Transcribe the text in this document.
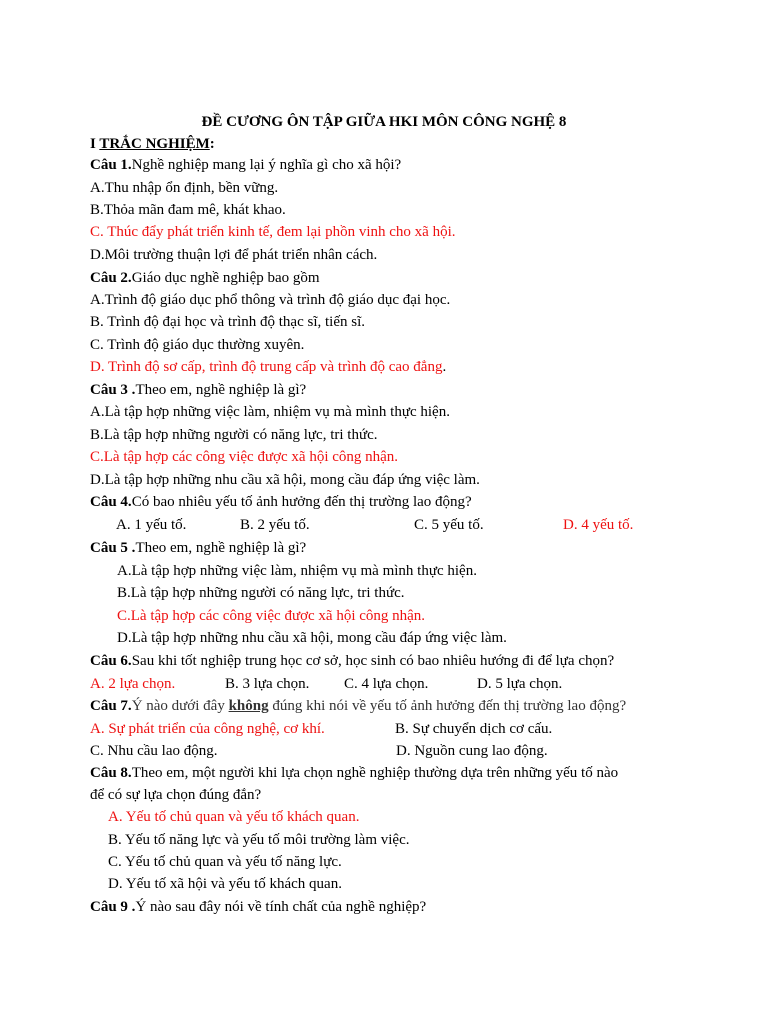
ĐỀ CƯƠNG ÔN TẬP GIỮA HKI MÔN CÔNG NGHỆ 8
I TRẮC NGHIỆM:
Câu 1.Nghề nghiệp mang lại ý nghĩa gì cho xã hội?
A.Thu nhập ổn định, bền vững.
B.Thỏa mãn đam mê, khát khao.
C. Thúc đẩy phát triển kinh tế, đem lại phồn vinh cho xã hội.
D.Môi trường thuận lợi để phát triển nhân cách.
Câu 2.Giáo dục nghề nghiệp bao gồm
A.Trình độ giáo dục phổ thông và trình độ giáo dục đại học.
B. Trình độ đại học và trình độ thạc sĩ, tiến sĩ.
C. Trình độ giáo dục thường xuyên.
D. Trình độ sơ cấp, trình độ trung cấp và trình độ cao đẳng.
Câu 3 .Theo em, nghề nghiệp là gì?
A.Là tập hợp những việc làm, nhiệm vụ mà mình thực hiện.
B.Là tập hợp những người có năng lực, tri thức.
C.Là tập hợp các công việc được xã hội công nhận.
D.Là tập hợp những nhu cầu xã hội, mong cầu đáp ứng việc làm.
Câu 4.Có bao nhiêu yếu tố ảnh hưởng đến thị trường lao động?
A. 1 yếu tố.	B. 2 yếu tố.	C. 5 yếu tố.	D. 4 yếu tố.
Câu 5 .Theo em, nghề nghiệp là gì?
A.Là tập hợp những việc làm, nhiệm vụ mà mình thực hiện.
B.Là tập hợp những người có năng lực, tri thức.
C.Là tập hợp các công việc được xã hội công nhận.
D.Là tập hợp những nhu cầu xã hội, mong cầu đáp ứng việc làm.
Câu 6.Sau khi tốt nghiệp trung học cơ sở, học sinh có bao nhiêu hướng đi để lựa chọn?
A. 2 lựa chọn.	B. 3 lựa chọn. C. 4 lựa chọn.	D. 5 lựa chọn.
Câu 7.Ý nào dưới đây không đúng khi nói về yếu tố ảnh hưởng đến thị trường lao động?
A. Sự phát triển của công nghệ, cơ khí.	B. Sự chuyển dịch cơ cấu.
C. Nhu cầu lao động.	D. Nguồn cung lao động.
Câu 8.Theo em, một người khi lựa chọn nghề nghiệp thường dựa trên những yếu tố nào
để có sự lựa chọn đúng đắn?
A. Yếu tố chủ quan và yếu tố khách quan.
B. Yếu tố năng lực và yếu tố môi trường làm việc.
C. Yếu tố chủ quan và yếu tố năng lực.
D. Yếu tố xã hội và yếu tố khách quan.
Câu 9 .Ý nào sau đây nói về tính chất của nghề nghiệp?
